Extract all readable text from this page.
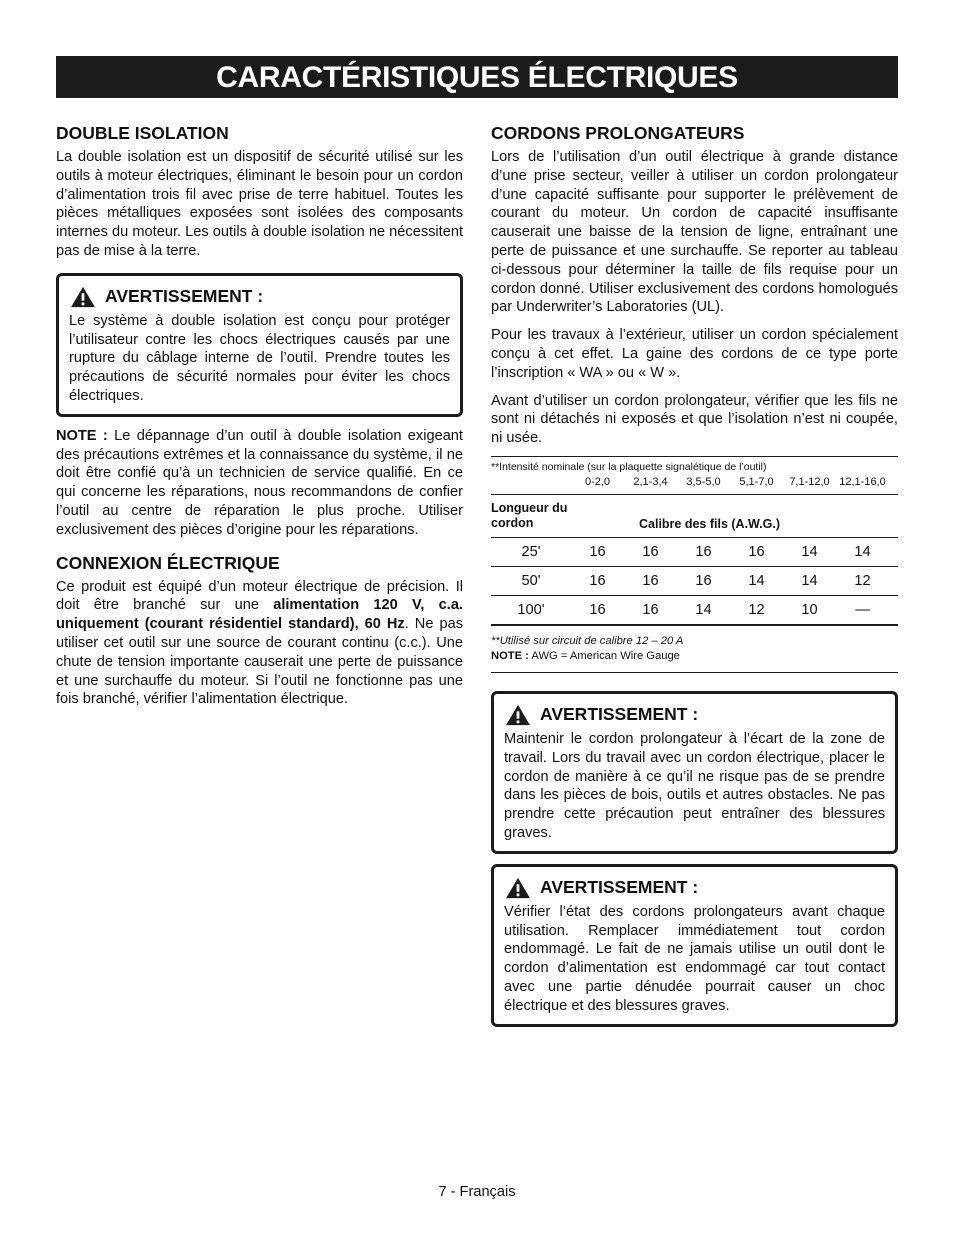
CARACTÉRISTIQUES ÉLECTRIQUES
DOUBLE ISOLATION

La double isolation est un dispositif de sécurité utilisé sur les outils à moteur électriques, éliminant le besoin pour un cordon d’alimentation trois fil avec prise de terre habituel. Toutes les pièces métalliques exposées sont isolées des composants internes du moteur. Les outils à double isolation ne nécessitent pas de mise à la terre.

AVERTISSEMENT :

Le système à double isolation est conçu pour protéger l’utilisateur contre les chocs électriques causés par une rupture du câblage interne de l’outil. Prendre toutes les précautions de sécurité normales pour éviter les chocs électriques.

NOTE : Le dépannage d’un outil à double isolation exigeant des précautions extrêmes et la connaissance du système, il ne doit être confié qu’à un technicien de service qualifié. En ce qui concerne les réparations, nous recommandons de confier l’outil au centre de réparation le plus proche. Utiliser exclusivement des pièces d’origine pour les réparations.

CONNEXION ÉLECTRIQUE

Ce produit est équipé d’un moteur électrique de précision. Il doit être branché sur une alimentation 120 V, c.a. uniquement (courant résidentiel standard), 60 Hz. Ne pas utiliser cet outil sur une source de courant continu (c.c.). Une chute de tension importante causerait une perte de puissance et une surchauffe du moteur. Si l’outil ne fonctionne pas une fois branché, vérifier l’alimentation électrique.

CORDONS PROLONGATEURS

Lors de l’utilisation d’un outil électrique à grande distance d’une prise secteur, veiller à utiliser un cordon prolongateur d’une capacité suffisante pour supporter le prélèvement de courant du moteur. Un cordon de capacité insuffisante causerait une baisse de la tension de ligne, entraînant une perte de puissance et une surchauffe. Se reporter au tableau ci-dessous pour déterminer la taille de fils requise pour un cordon donné. Utiliser exclusivement des cordons homologués par Underwriter’s Laboratories (UL).

Pour les travaux à l’extérieur, utiliser un cordon spécialement conçu à cet effet. La gaine des cordons de ce type porte l’inscription « WA » ou « W ».

Avant d’utiliser un cordon prolongateur, vérifier que les fils ne sont ni détachés ni exposés et que l’isolation n’est ni coupée, ni usée.

**Intensité nominale (sur la plaquette signalétique de l’outil)
0-2,0	2,1-3,4	3,5-5,0	5,1-7,0	7,1-12,0 12,1-16,0
Longueur du cordon	Calibre des fils (A.W.G.)
25'	16	16	16	16	14	14
50'	16	16	16	14	14	12
100'	16	16	14	12	10	—
**Utilisé sur circuit de calibre 12 – 20 A
NOTE : AWG = American Wire Gauge
AVERTISSEMENT :

Maintenir le cordon prolongateur à l’écart de la zone de travail. Lors du travail avec un cordon électrique, placer le cordon de manière à ce qu’il ne risque pas de se prendre dans les pièces de bois, outils et autres obstacles. Ne pas prendre cette précaution peut entraîner des blessures graves.

AVERTISSEMENT :

Vérifier l’état des cordons prolongateurs avant chaque utilisation. Remplacer immédiatement tout cordon endommagé. Le fait de ne jamais utilise un outil dont le cordon d’alimentation est endommagé car tout contact avec une partie dénudée pourrait causer un choc électrique et des blessures graves.

7 - Français
